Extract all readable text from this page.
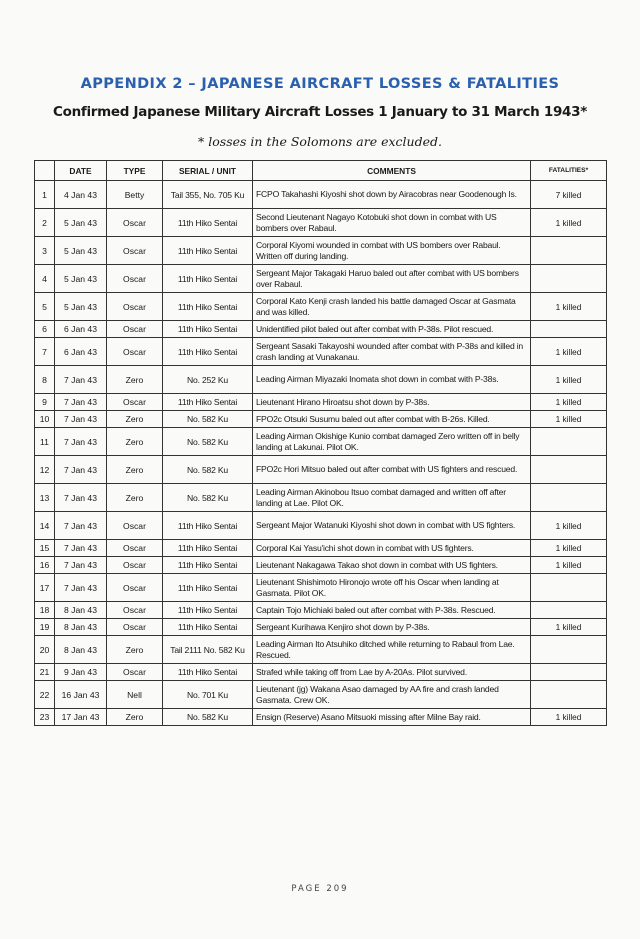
APPENDIX 2 – JAPANESE AIRCRAFT LOSSES & FATALITIES
Confirmed Japanese Military Aircraft Losses 1 January to 31 March 1943*
* losses in the Solomons are excluded.
	DATE	TYPE	SERIAL / UNIT	COMMENTS	FATALITIES*
1	4 Jan 43	Betty	Tail 355, No. 705 Ku	FCPO Takahashi Kiyoshi shot down by Airacobras near Goodenough Is.	7 killed
2	5 Jan 43	Oscar	11th Hiko Sentai	Second Lieutenant Nagayo Kotobuki shot down in combat with US bombers over Rabaul.	1 killed
3	5 Jan 43	Oscar	11th Hiko Sentai	Corporal Kiyomi wounded in combat with US bombers over Rabaul. Written off during landing.	
4	5 Jan 43	Oscar	11th Hiko Sentai	Sergeant Major Takagaki Haruo baled out after combat with US bombers over Rabaul.	
5	5 Jan 43	Oscar	11th Hiko Sentai	Corporal Kato Kenji crash landed his battle damaged Oscar at Gasmata and was killed.	1 killed
6	6 Jan 43	Oscar	11th Hiko Sentai	Unidentified pilot baled out after combat with P-38s. Pilot rescued.	
7	6 Jan 43	Oscar	11th Hiko Sentai	Sergeant Sasaki Takayoshi wounded after combat with P-38s and killed in crash landing at Vunakanau.	1 killed
8	7 Jan 43	Zero	No. 252 Ku	Leading Airman Miyazaki Inomata shot down in combat with P-38s.	1 killed
9	7 Jan 43	Oscar	11th Hiko Sentai	Lieutenant Hirano Hiroatsu shot down by P-38s.	1 killed
10	7 Jan 43	Zero	No. 582 Ku	FPO2c Otsuki Susumu baled out after combat with B-26s. Killed.	1 killed
11	7 Jan 43	Zero	No. 582 Ku	Leading Airman Okishige Kunio combat damaged Zero written off in belly landing at Lakunai. Pilot OK.	
12	7 Jan 43	Zero	No. 582 Ku	FPO2c Hori Mitsuo baled out after combat with US fighters and rescued.	
13	7 Jan 43	Zero	No. 582 Ku	Leading Airman Akinobou Itsuo combat damaged and written off after landing at Lae. Pilot OK.	
14	7 Jan 43	Oscar	11th Hiko Sentai	Sergeant Major Watanuki Kiyoshi shot down in combat with US fighters.	1 killed
15	7 Jan 43	Oscar	11th Hiko Sentai	Corporal Kai Yasu'ichi shot down in combat with US fighters.	1 killed
16	7 Jan 43	Oscar	11th Hiko Sentai	Lieutenant Nakagawa Takao shot down in combat with US fighters.	1 killed
17	7 Jan 43	Oscar	11th Hiko Sentai	Lieutenant Shishimoto Hironojo wrote off his Oscar when landing at Gasmata. Pilot OK.	
18	8 Jan 43	Oscar	11th Hiko Sentai	Captain Tojo Michiaki baled out after combat with P-38s. Rescued.	
19	8 Jan 43	Oscar	11th Hiko Sentai	Sergeant Kurihawa Kenjiro shot down by P-38s.	1 killed
20	8 Jan 43	Zero	Tail 2111 No. 582 Ku	Leading Airman Ito Atsuhiko ditched while returning to Rabaul from Lae. Rescued.	
21	9 Jan 43	Oscar	11th Hiko Sentai	Strafed while taking off from Lae by A-20As. Pilot survived.	
22	16 Jan 43	Nell	No. 701 Ku	Lieutenant (jg) Wakana Asao damaged by AA fire and crash landed Gasmata. Crew OK.	
23	17 Jan 43	Zero	No. 582 Ku	Ensign (Reserve) Asano Mitsuoki missing after Milne Bay raid.	1 killed
PAGE 209
